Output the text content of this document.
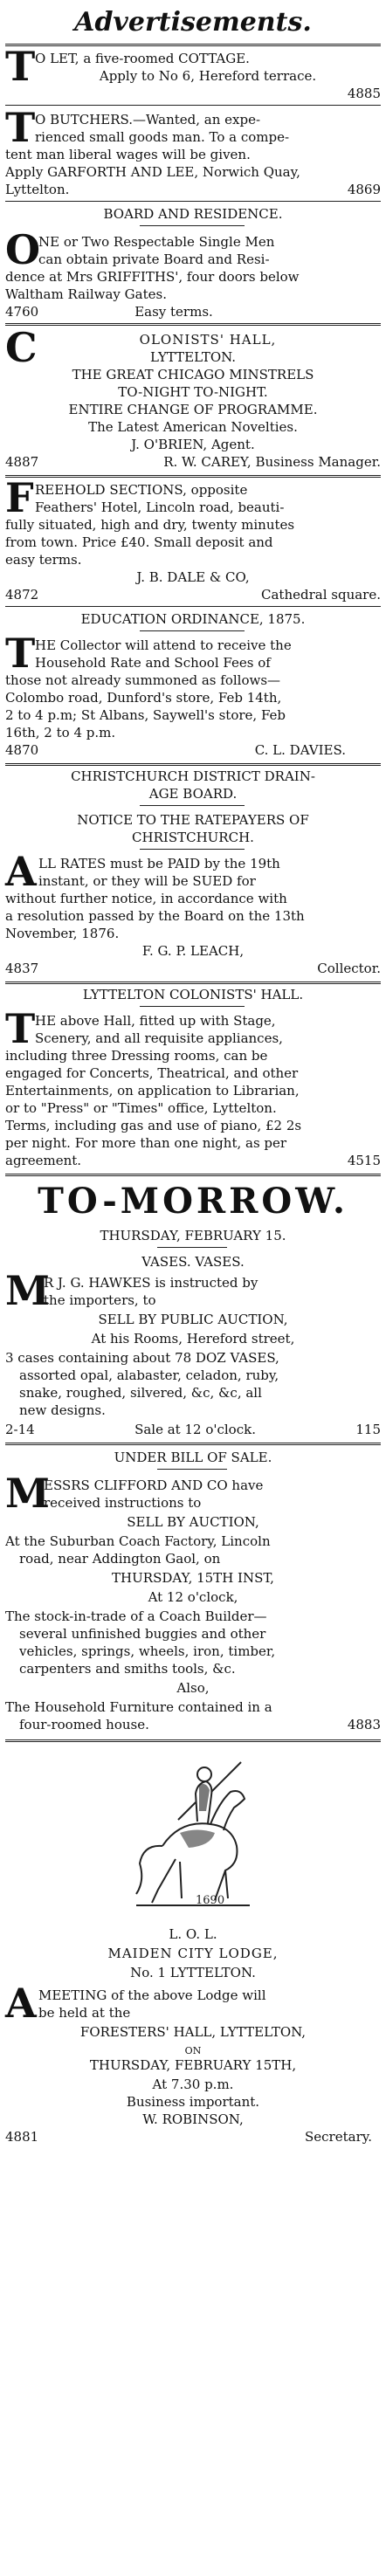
Advertisements.
T O LET, a five-roomed COTTAGE.
Apply to No 6, Hereford terrace.
4885
T O BUTCHERS.—Wanted, an expe-
rienced small goods man. To a compe-
tent man liberal wages will be given.
Apply GARFORTH AND LEE, Norwich Quay,
Lyttelton.	4869
BOARD AND RESIDENCE.
O
NE or Two Respectable Single Men
can obtain private Board and Resi-
dence at Mrs GRIFFITHS', four doors below
Waltham Railway Gates.
4760	Easy terms.
C	OLONISTS' HALL,
LYTTELTON.
THE GREAT CHICAGO MINSTRELS
TO-NIGHT TO-NIGHT.
ENTIRE CHANGE OF PROGRAMME.
The Latest American Novelties.
J. O'BRIEN, Agent.
4887	R. W. CAREY, Business Manager.
F REEHOLD SECTIONS, opposite
Feathers' Hotel, Lincoln road, beauti-
fully situated, high and dry, twenty minutes
from town. Price £40. Small deposit and
easy terms.
J. B. DALE & CO,
4872	Cathedral square.
EDUCATION ORDINANCE, 1875.
T HE Collector will attend to receive the
Household Rate and School Fees of
those not already summoned as follows—
Colombo road, Dunford's store, Feb 14th,
2 to 4 p.m; St Albans, Saywell's store, Feb
16th, 2 to 4 p.m.
4870	C. L. DAVIES.
CHRISTCHURCH DISTRICT DRAIN-
AGE BOARD.
NOTICE TO THE RATEPAYERS OF
CHRISTCHURCH.
A LL RATES must be PAID by the 19th
instant, or they will be SUED for
without further notice, in accordance with
a resolution passed by the Board on the 13th
November, 1876.
F. G. P. LEACH,
4837	Collector.
LYTTELTON COLONISTS' HALL.
T HE above Hall, fitted up with Stage,
Scenery, and all requisite appliances,
including three Dressing rooms, can be
engaged for Concerts, Theatrical, and other
Entertainments, on application to Librarian,
or to "Press" or "Times" office, Lyttelton.
Terms, including gas and use of piano, £2 2s
per night. For more than one night, as per
agreement.	4515
TO-MORROW.
THURSDAY, FEBRUARY 15.
VASES. VASES.
M
R J. G. HAWKES is instructed by
the importers, to
SELL BY PUBLIC AUCTION,
At his Rooms, Hereford street,
3 cases containing about 78 DOZ VASES,
assorted opal, alabaster, celadon, ruby,
snake, roughed, silvered, &c, &c, all
new designs.
2-14	Sale at 12 o'clock.	115
UNDER BILL OF SALE.
M
ESSRS CLIFFORD AND CO have
received instructions to
SELL BY AUCTION,
At the Suburban Coach Factory, Lincoln
road, near Addington Gaol, on
THURSDAY, 15TH INST,
At 12 o'clock,
The stock-in-trade of a Coach Builder—
several unfinished buggies and other
vehicles, springs, wheels, iron, timber,
carpenters and smiths tools, &c.
Also,
The Household Furniture contained in a
four-roomed house.	4883
1690
L. O. L.
MAIDEN CITY LODGE,
No. 1 LYTTELTON.
A MEETING of the above Lodge will
be held at the
FORESTERS' HALL, LYTTELTON,
ON
THURSDAY, FEBRUARY 15TH,
At 7.30 p.m.
Business important.
W. ROBINSON,
4881	Secretary.
